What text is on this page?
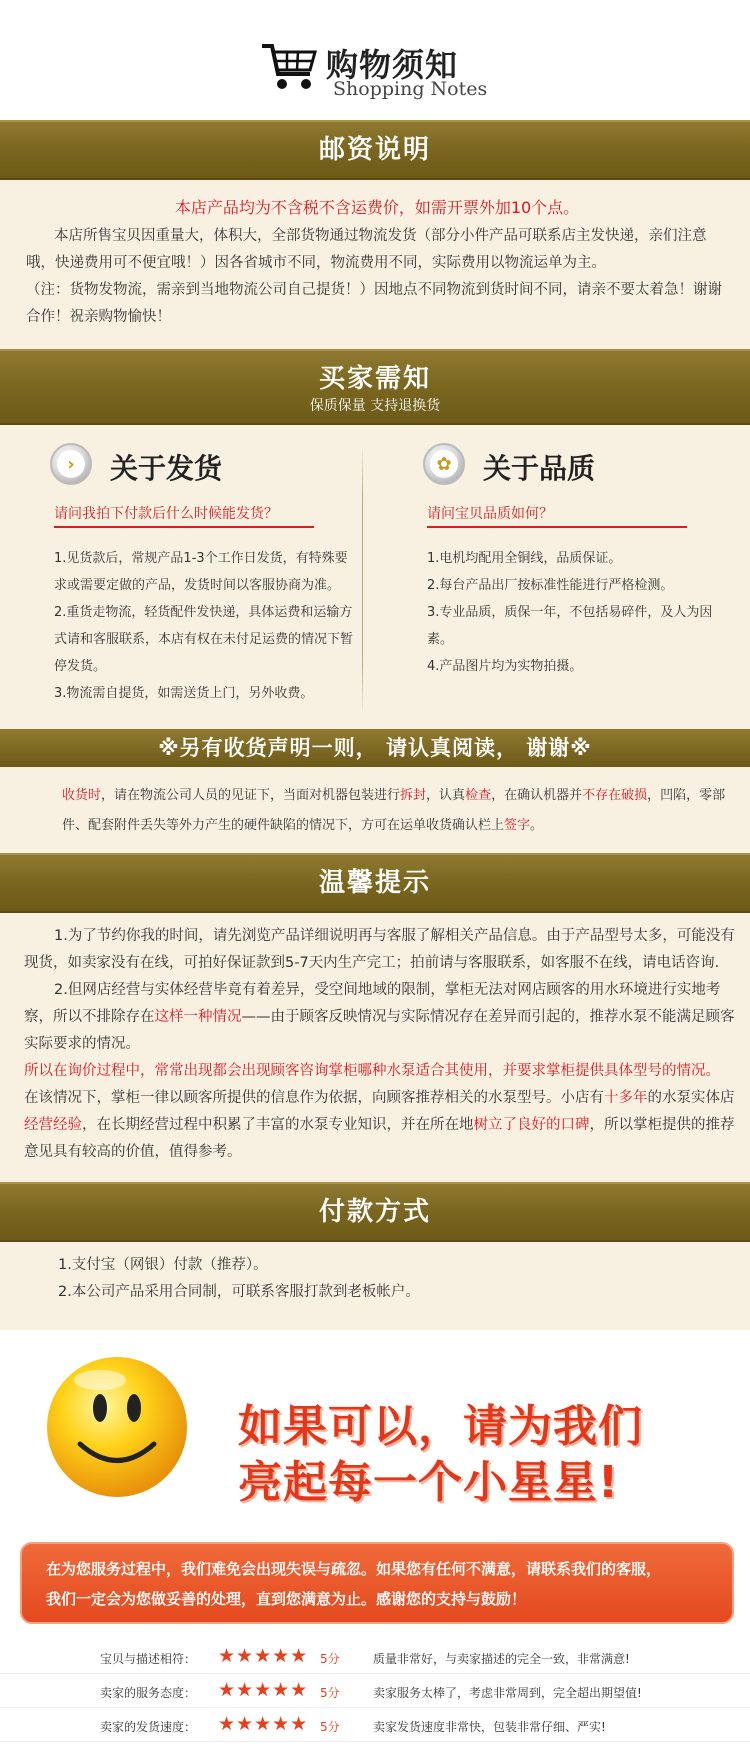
购物须知
Shopping Notes
邮资说明
本店产品均为不含税不含运费价，如需开票外加10个点。

本店所售宝贝因重量大，体积大，全部货物通过物流发货（部分小件产品可联系店主发快递，亲们注意哦，快递费用可不便宜哦！）因各省城市不同，物流费用不同，实际费用以物流运单为主。

（注：货物发物流，需亲到当地物流公司自己提货！）因地点不同物流到货时间不同，请亲不要太着急！谢谢合作！祝亲购物愉快！
买家需知
保质保量 支持退换货
›	关于发货
请问我拍下付款后什么时候能发货？
1.见货款后，常规产品1-3个工作日发货，有特殊要求或需要定做的产品，发货时间以客服协商为准。
2.重货走物流，轻货配件发快递，具体运费和运输方式请和客服联系，本店有权在未付足运费的情况下暂停发货。
3.物流需自提货，如需送货上门，另外收费。
✿ 关于品质
请问宝贝品质如何？
1.电机均配用全铜线，品质保证。
2.每台产品出厂按标准性能进行严格检测。
3.专业品质，质保一年，不包括易碎件，及人为因素。
4.产品图片均为实物拍摄。
※另有收货声明一则， 请认真阅读， 谢谢※
收货时，请在物流公司人员的见证下，当面对机器包装进行拆封，认真检查，在确认机器并不存在破损，凹陷，零部件、配套附件丢失等外力产生的硬件缺陷的情况下，方可在运单收货确认栏上签字。
温馨提示

1.为了节约你我的时间，请先浏览产品详细说明再与客服了解相关产品信息。由于产品型号太多，可能没有现货，如卖家没有在线，可拍好保证款到5-7天内生产完工；拍前请与客服联系，如客服不在线，请电话咨询.

2.但网店经营与实体经营毕竟有着差异，受空间地域的限制，掌柜无法对网店顾客的用水环境进行实地考察，所以不排除存在这样一种情况——由于顾客反映情况与实际情况存在差异而引起的，推荐水泵不能满足顾客实际要求的情况。

所以在询价过程中，常常出现都会出现顾客咨询掌柜哪种水泵适合其使用，并要求掌柜提供具体型号的情况。

在该情况下，掌柜一律以顾客所提供的信息作为依据，向顾客推荐相关的水泵型号。小店有十多年的水泵实体店经营经验，在长期经营过程中积累了丰富的水泵专业知识，并在所在地树立了良好的口碑，所以掌柜提供的推荐意见具有较高的价值，值得参考。

付款方式
1.支付宝（网银）付款（推荐）。
2.本公司产品采用合同制，可联系客服打款到老板帐户。
如果可以，请为我们
亮起每一个小星星!
在为您服务过程中，我们难免会出现失误与疏忽。如果您有任何不满意，请联系我们的客服，
我们一定会为您做妥善的处理，直到您满意为止。感谢您的支持与鼓励！
宝贝与描述相符： ★★★★★ 5分	质量非常好，与卖家描述的完全一致，非常满意!
卖家的服务态度： ★★★★★ 5分	卖家服务太棒了，考虑非常周到，完全超出期望值!
卖家的发货速度： ★★★★★ 5分	卖家发货速度非常快，包装非常仔细、严实!
